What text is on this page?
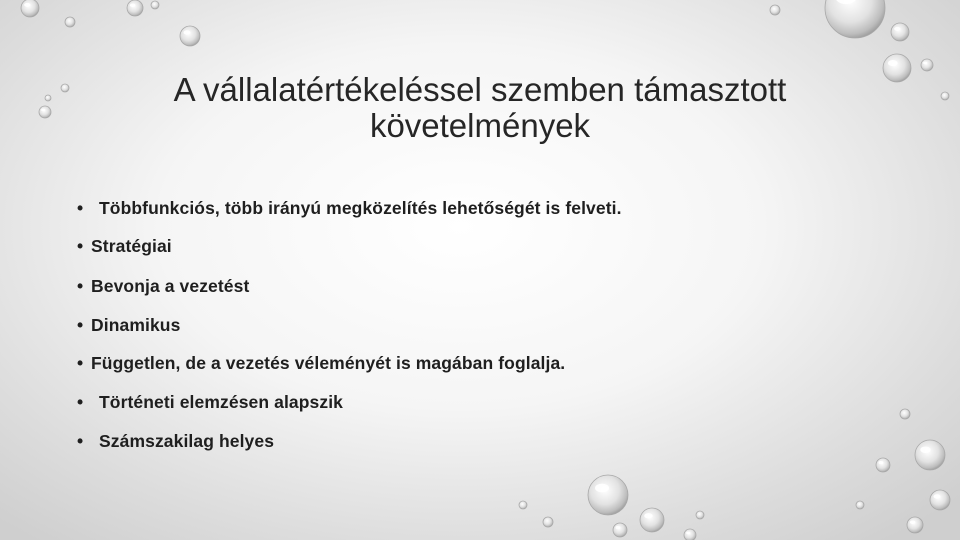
A vállalatértékeléssel szemben támasztott
követelmények
• Többfunkciós, több irányú megközelítés lehetőségét is felveti.
• Stratégiai
• Bevonja a vezetést
• Dinamikus
• Független, de a vezetés véleményét is magában foglalja.
• Történeti elemzésen alapszik
• Számszakilag helyes
